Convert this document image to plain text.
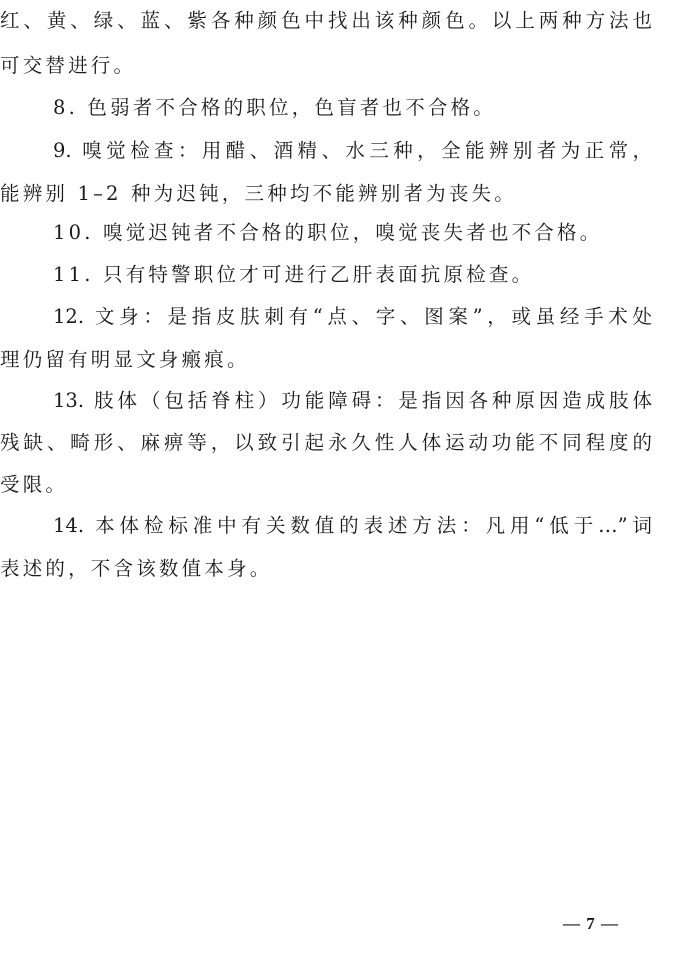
红、黄、绿、蓝、紫各种颜色中找出该种颜色。以上两种方法也
可交替进行。
8. 色弱者不合格的职位，色盲者也不合格。
9. 嗅觉检查：用醋、酒精、水三种，全能辨别者为正常，
能辨别 1–2 种为迟钝，三种均不能辨别者为丧失。
10. 嗅觉迟钝者不合格的职位，嗅觉丧失者也不合格。
11. 只有特警职位才可进行乙肝表面抗原检查。
12. 文身：是指皮肤刺有“点、字、图案”，或虽经手术处
理仍留有明显文身瘢痕。
13. 肢体（包括脊柱）功能障碍：是指因各种原因造成肢体
残缺、畸形、麻痹等，以致引起永久性人体运动功能不同程度的
受限。
14. 本体检标准中有关数值的表述方法：凡用“低于…”词
表述的，不含该数值本身。
— 7 —
